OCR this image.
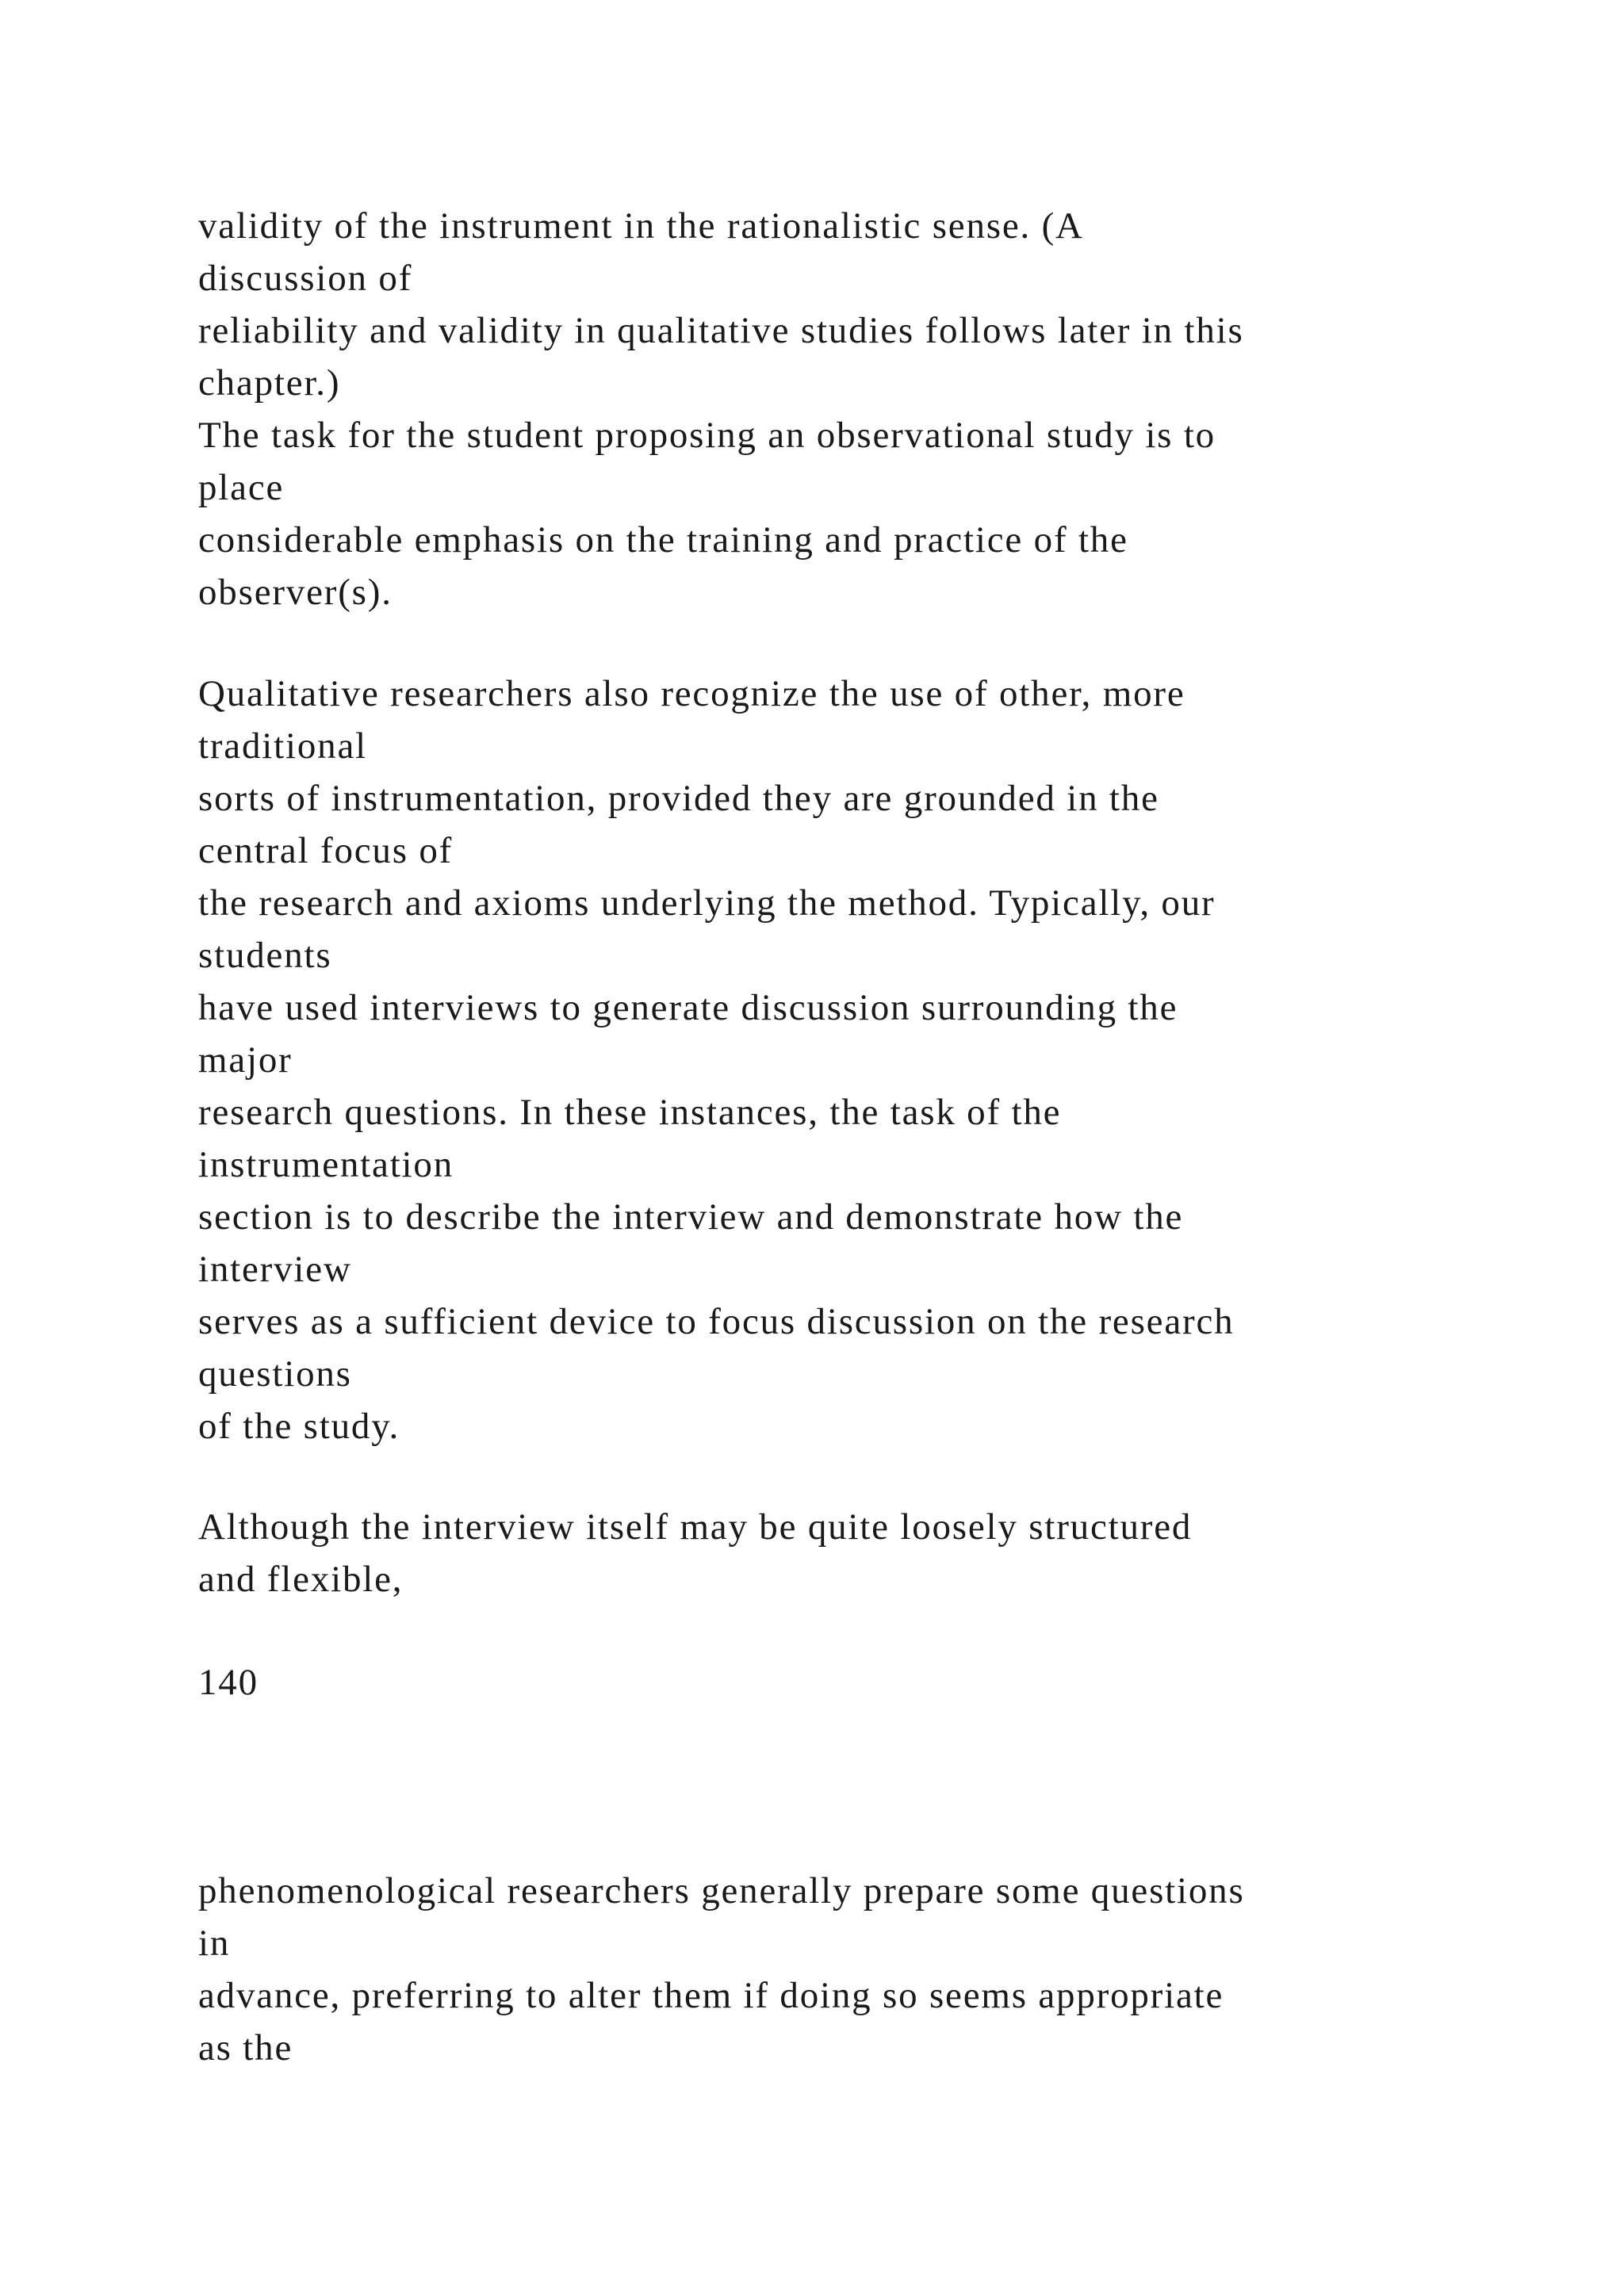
validity of the instrument in the rationalistic sense. (A
discussion of
reliability and validity in qualitative studies follows later in this
chapter.)
The task for the student proposing an observational study is to
place
considerable emphasis on the training and practice of the
observer(s).
Qualitative researchers also recognize the use of other, more
traditional
sorts of instrumentation, provided they are grounded in the
central focus of
the research and axioms underlying the method. Typically, our
students
have used interviews to generate discussion surrounding the
major
research questions. In these instances, the task of the
instrumentation
section is to describe the interview and demonstrate how the
interview
serves as a sufficient device to focus discussion on the research
questions
of the study.
Although the interview itself may be quite loosely structured
and flexible,
140
phenomenological researchers generally prepare some questions
in
advance, preferring to alter them if doing so seems appropriate
as the
